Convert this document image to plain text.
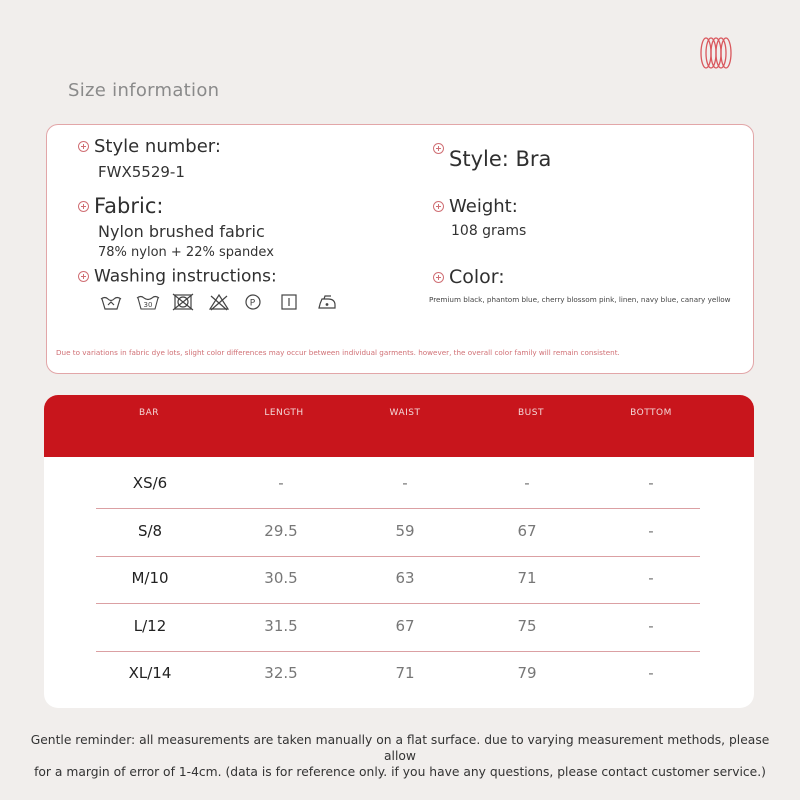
Size information
Style number:
FWX5529-1
Fabric:
Nylon brushed fabric
78% nylon + 22% spandex
Washing instructions:
30	P
Style: Bra
Weight:
108 grams
Color:
Premium black, phantom blue, cherry blossom pink, linen, navy blue, canary yellow
Due to variations in fabric dye lots, slight color differences may occur between individual garments. however, the overall color family will remain consistent.
BAR	LENGTH	WAIST	BUST	BOTTOM
XS/6	-	-	-	-
S/8	29.5	59	67	-
M/10	30.5	63	71	-
L/12	31.5	67	75	-
XL/14	32.5	71	79	-
Gentle reminder: all measurements are taken manually on a flat surface. due to varying measurement methods, please allow
for a margin of error of 1-4cm. (data is for reference only. if you have any questions, please contact customer service.)
